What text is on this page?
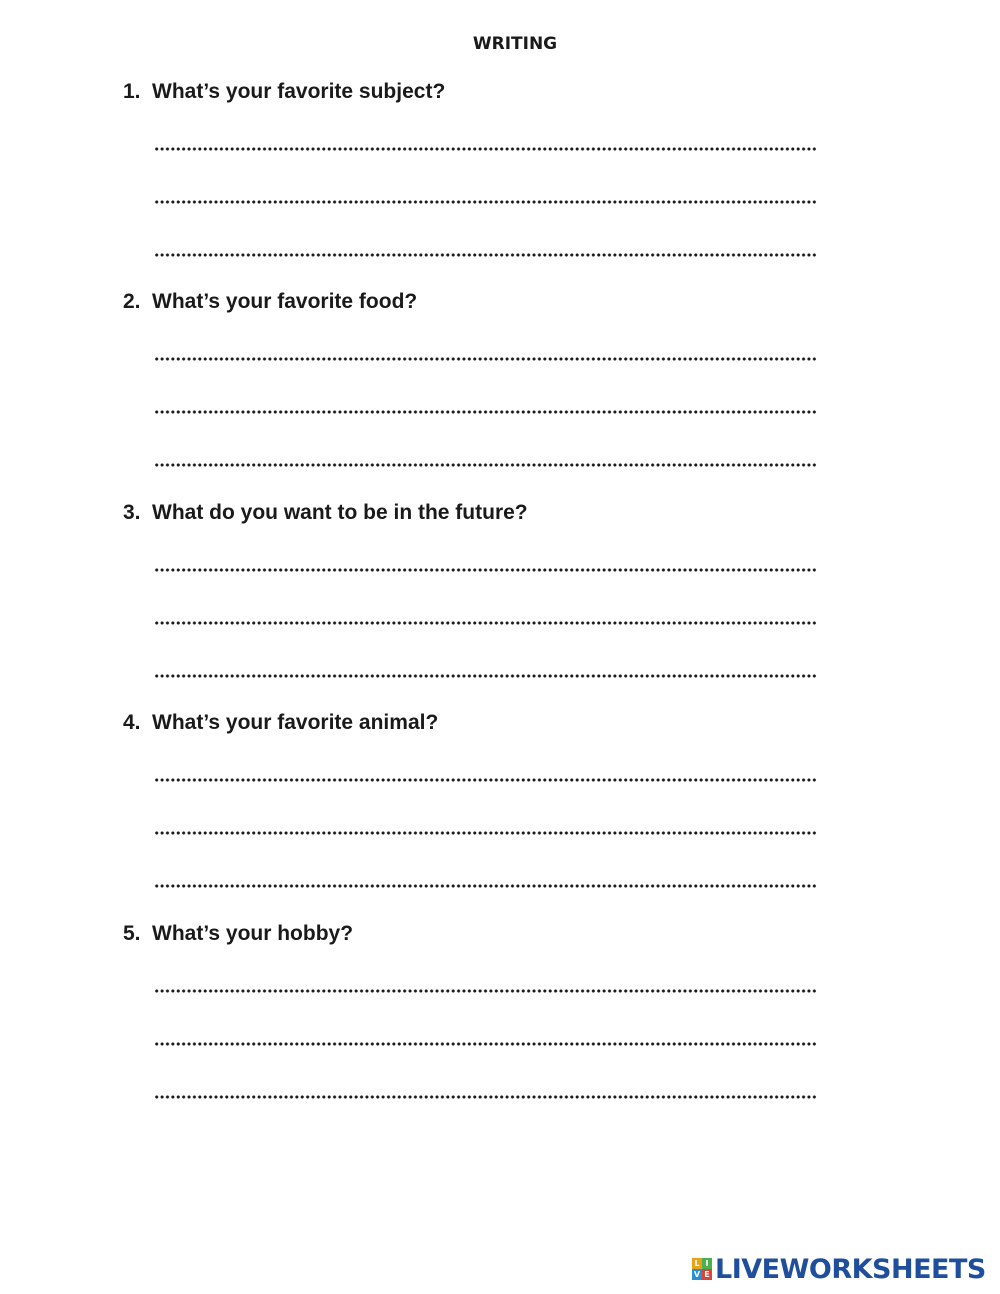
WRITING
1. What’s your favorite subject?
2. What’s your favorite food?
3. What do you want to be in the future?
4. What’s your favorite animal?
5. What’s your hobby?
L I
V E LIVEWORKSHEETS
